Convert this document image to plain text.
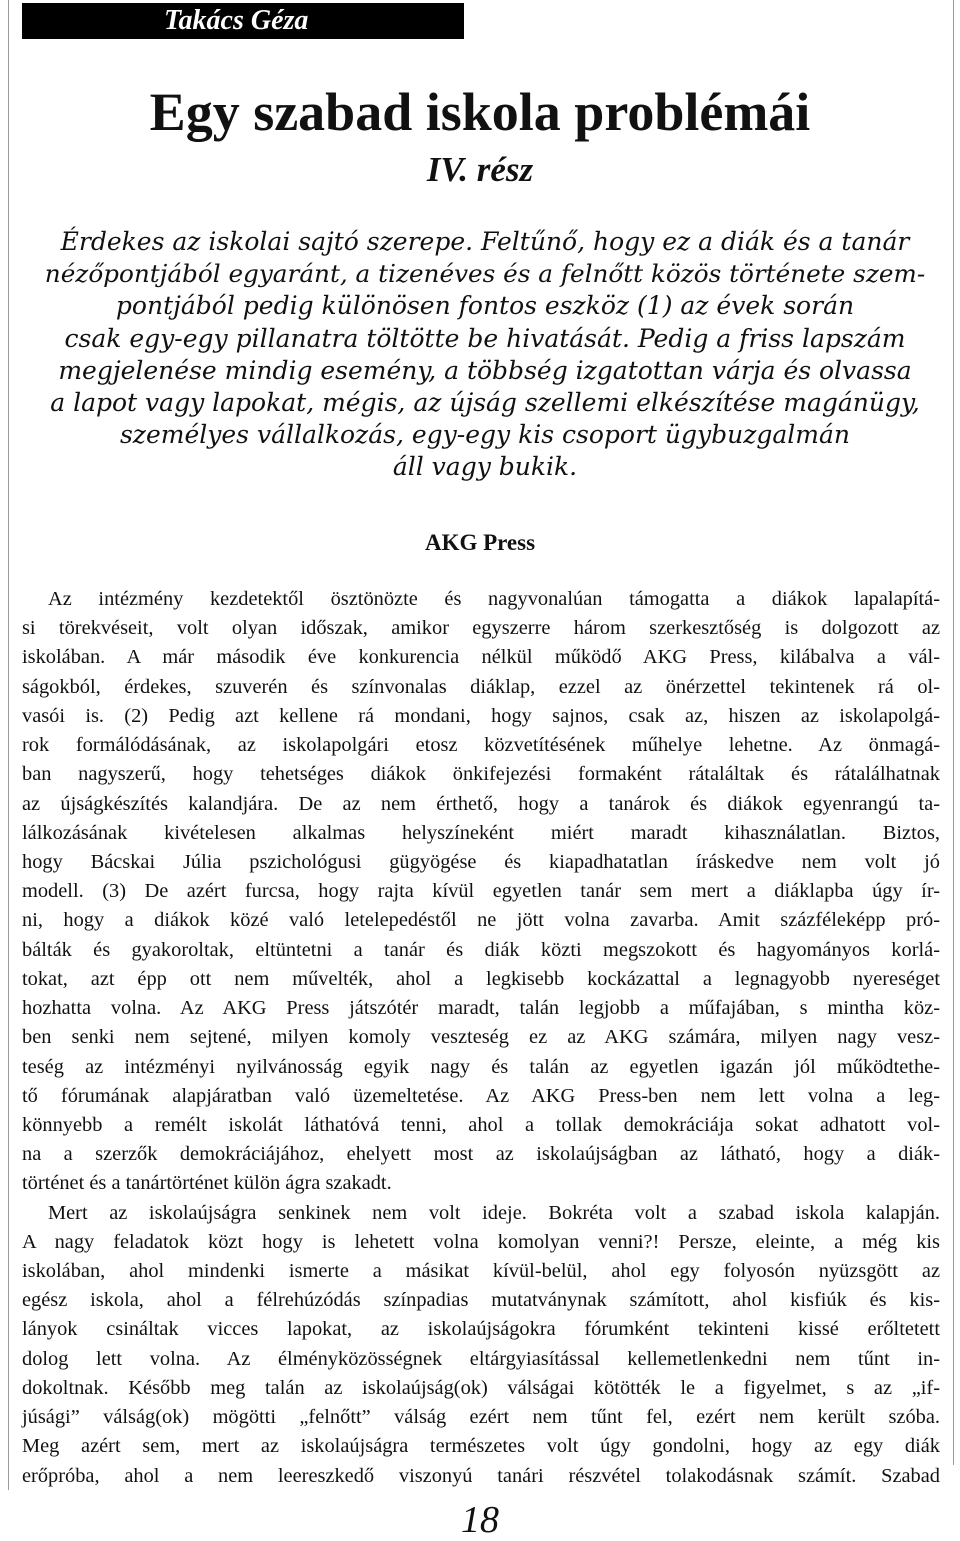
Takács Géza
Egy szabad iskola problémái
IV. rész
Érdekes az iskolai sajtó szerepe. Feltűnő, hogy ez a diák és a tanár
nézőpontjából egyaránt, a tizenéves és a felnőtt közös története szem-
pontjából pedig különösen fontos eszköz (1) az évek során
csak egy-egy pillanatra töltötte be hivatását. Pedig a friss lapszám
megjelenése mindig esemény, a többség izgatottan várja és olvassa
a lapot vagy lapokat, mégis, az újság szellemi elkészítése magánügy,
személyes vállalkozás, egy-egy kis csoport ügybuzgalmán
áll vagy bukik.
AKG Press
Az intézmény kezdetektől ösztönözte és nagyvonalúan támogatta a diákok lapalapítá-
si törekvéseit, volt olyan időszak, amikor egyszerre három szerkesztőség is dolgozott az
iskolában. A már második éve konkurencia nélkül működő AKG Press, kilábalva a vál-
ságokból, érdekes, szuverén és színvonalas diáklap, ezzel az önérzettel tekintenek rá ol-
vasói is. (2) Pedig azt kellene rá mondani, hogy sajnos, csak az, hiszen az iskolapolgá-
rok formálódásának, az iskolapolgári etosz közvetítésének műhelye lehetne. Az önmagá-
ban nagyszerű, hogy tehetséges diákok önkifejezési formaként rátaláltak és rátalálhatnak
az újságkészítés kalandjára. De az nem érthető, hogy a tanárok és diákok egyenrangú ta-
lálkozásának kivételesen alkalmas helyszíneként miért maradt kihasználatlan. Biztos,
hogy Bácskai Júlia pszichológusi gügyögése és kiapadhatatlan íráskedve nem volt jó
modell. (3) De azért furcsa, hogy rajta kívül egyetlen tanár sem mert a diáklapba úgy ír-
ni, hogy a diákok közé való letelepedéstől ne jött volna zavarba. Amit százféleképp pró-
bálták és gyakoroltak, eltüntetni a tanár és diák közti megszokott és hagyományos korlá-
tokat, azt épp ott nem művelték, ahol a legkisebb kockázattal a legnagyobb nyereséget
hozhatta volna. Az AKG Press játszótér maradt, talán legjobb a műfajában, s mintha köz-
ben senki nem sejtené, milyen komoly veszteség ez az AKG számára, milyen nagy vesz-
teség az intézményi nyilvánosság egyik nagy és talán az egyetlen igazán jól működtethe-
tő fórumának alapjáratban való üzemeltetése. Az AKG Press-ben nem lett volna a leg-
könnyebb a remélt iskolát láthatóvá tenni, ahol a tollak demokráciája sokat adhatott vol-
na a szerzők demokráciájához, ehelyett most az iskolaújságban az látható, hogy a diák-
történet és a tanártörténet külön ágra szakadt.
Mert az iskolaújságra senkinek nem volt ideje. Bokréta volt a szabad iskola kalapján.
A nagy feladatok közt hogy is lehetett volna komolyan venni?! Persze, eleinte, a még kis
iskolában, ahol mindenki ismerte a másikat kívül-belül, ahol egy folyosón nyüzsgött az
egész iskola, ahol a félrehúzódás színpadias mutatványnak számított, ahol kisfiúk és kis-
lányok csináltak vicces lapokat, az iskolaújságokra fórumként tekinteni kissé erőltetett
dolog lett volna. Az élményközösségnek eltárgyiasítással kellemetlenkedni nem tűnt in-
dokoltnak. Később meg talán az iskolaújság(ok) válságai kötötték le a figyelmet, s az „if-
júsági” válság(ok) mögötti „felnőtt” válság ezért nem tűnt fel, ezért nem került szóba.
Meg azért sem, mert az iskolaújságra természetes volt úgy gondolni, hogy az egy diák
erőpróba, ahol a nem leereszkedő viszonyú tanári részvétel tolakodásnak számít. Szabad
18
